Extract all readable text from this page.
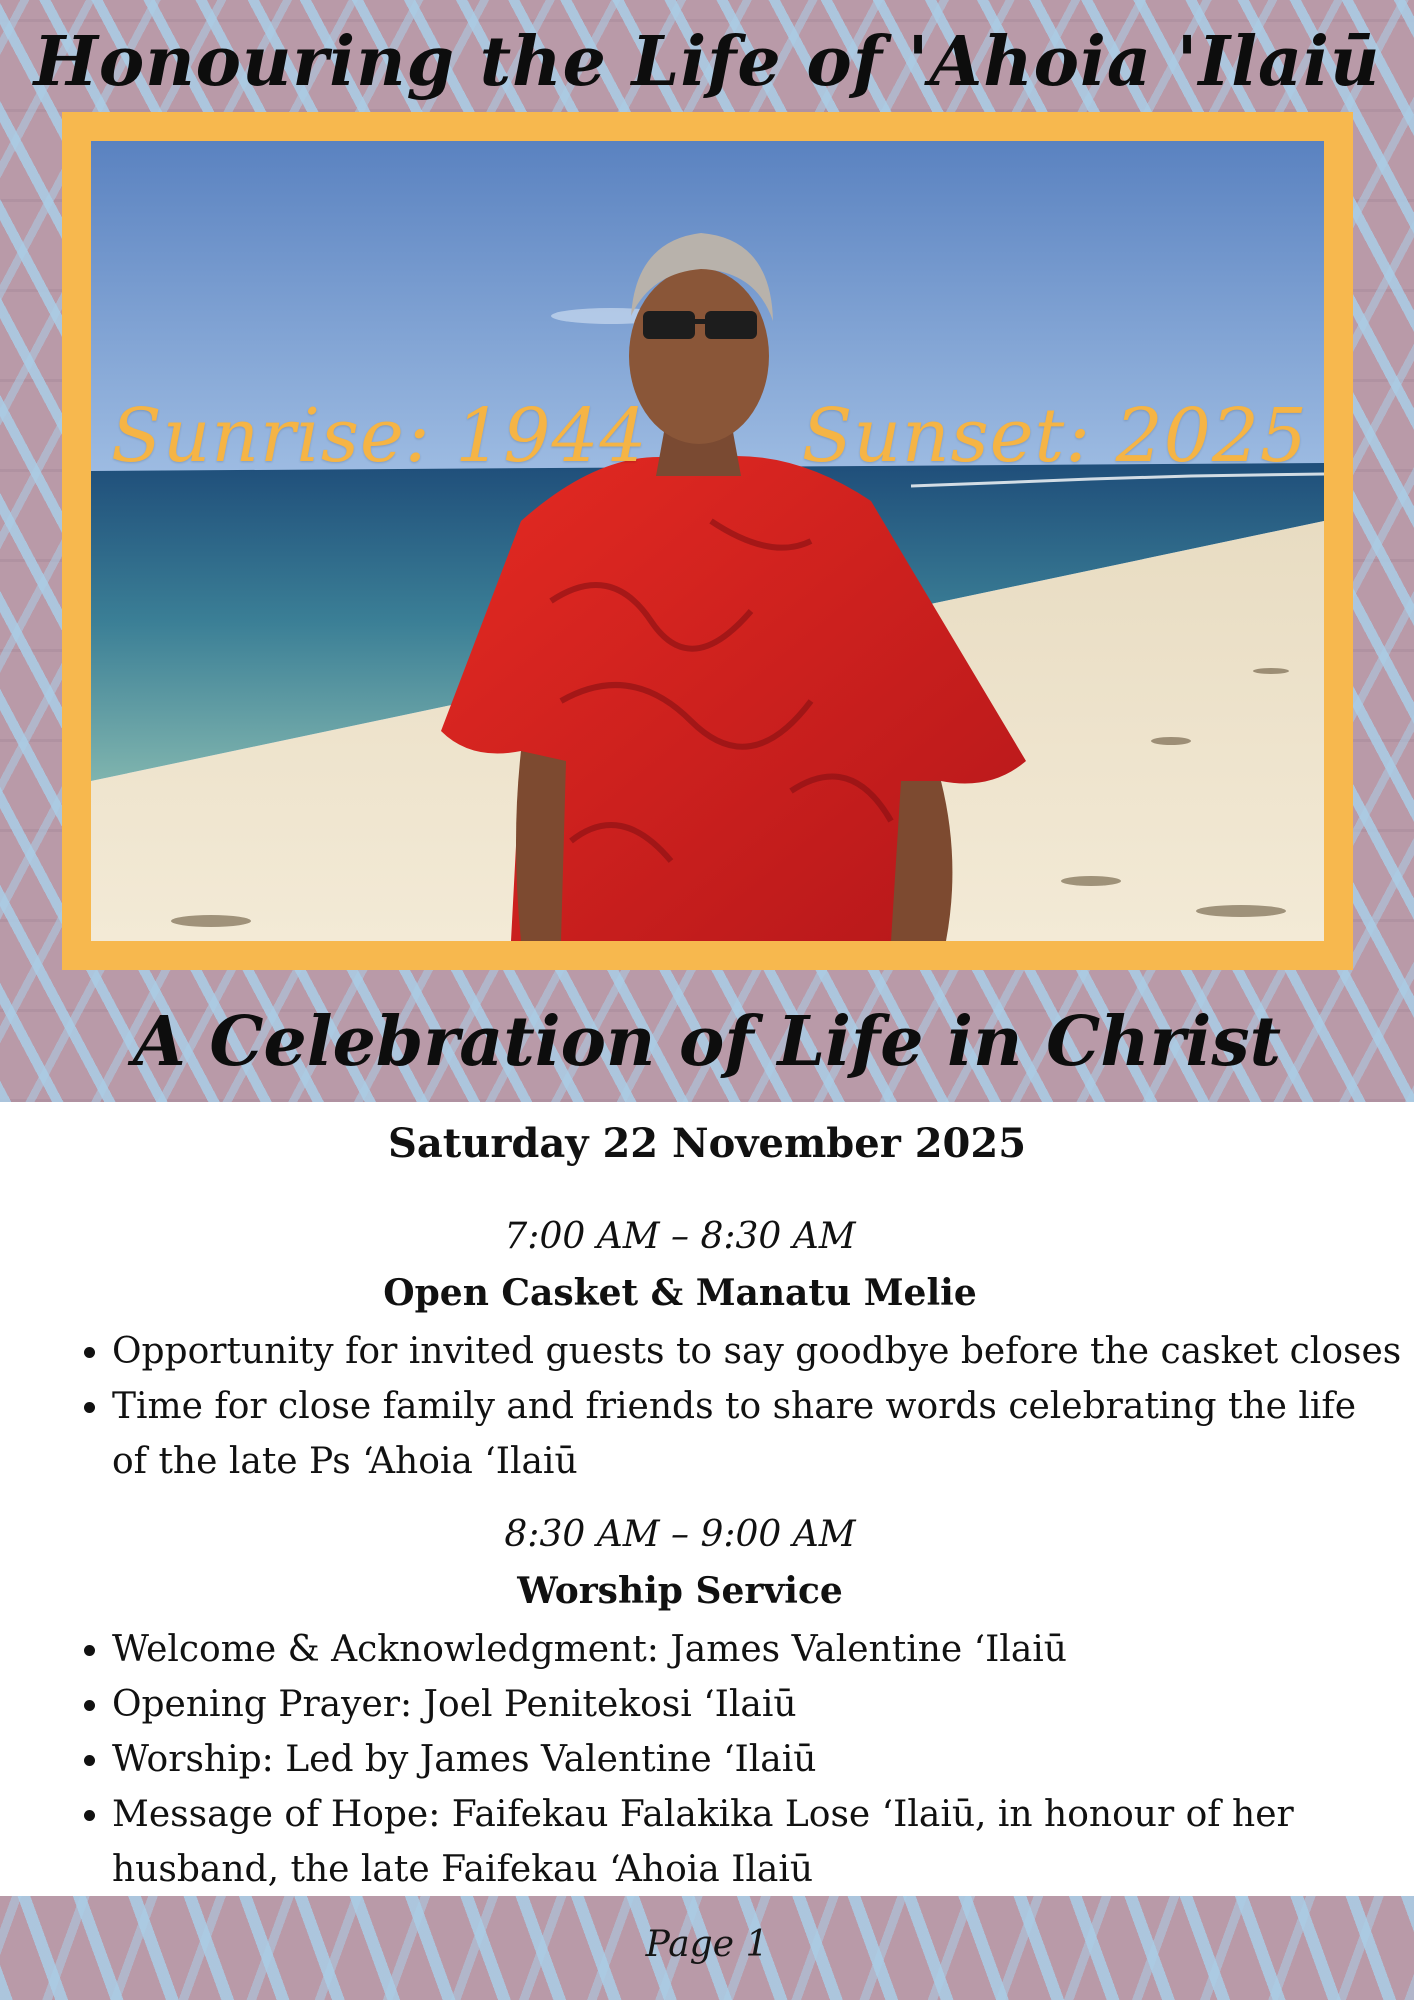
Honouring the Life of 'Ahoia 'Ilaiū
Sunrise: 1944 Sunset: 2025
A Celebration of Life in Christ
Saturday 22 November 2025
7:00 AM – 8:30 AM
Open Casket & Manatu Melie
• Opportunity for invited guests to say goodbye before the casket closes
• Time for close family and friends to share words celebrating the life of the late Ps ‘Ahoia ‘Ilaiū
8:30 AM – 9:00 AM
Worship Service
• Welcome & Acknowledgment: James Valentine ‘Ilaiū
• Opening Prayer: Joel Penitekosi ‘Ilaiū
• Worship: Led by James Valentine ‘Ilaiū
• Message of Hope: Faifekau Falakika Lose ‘Ilaiū, in honour of her husband, the late Faifekau ‘Ahoia Ilaiū
Page 1
